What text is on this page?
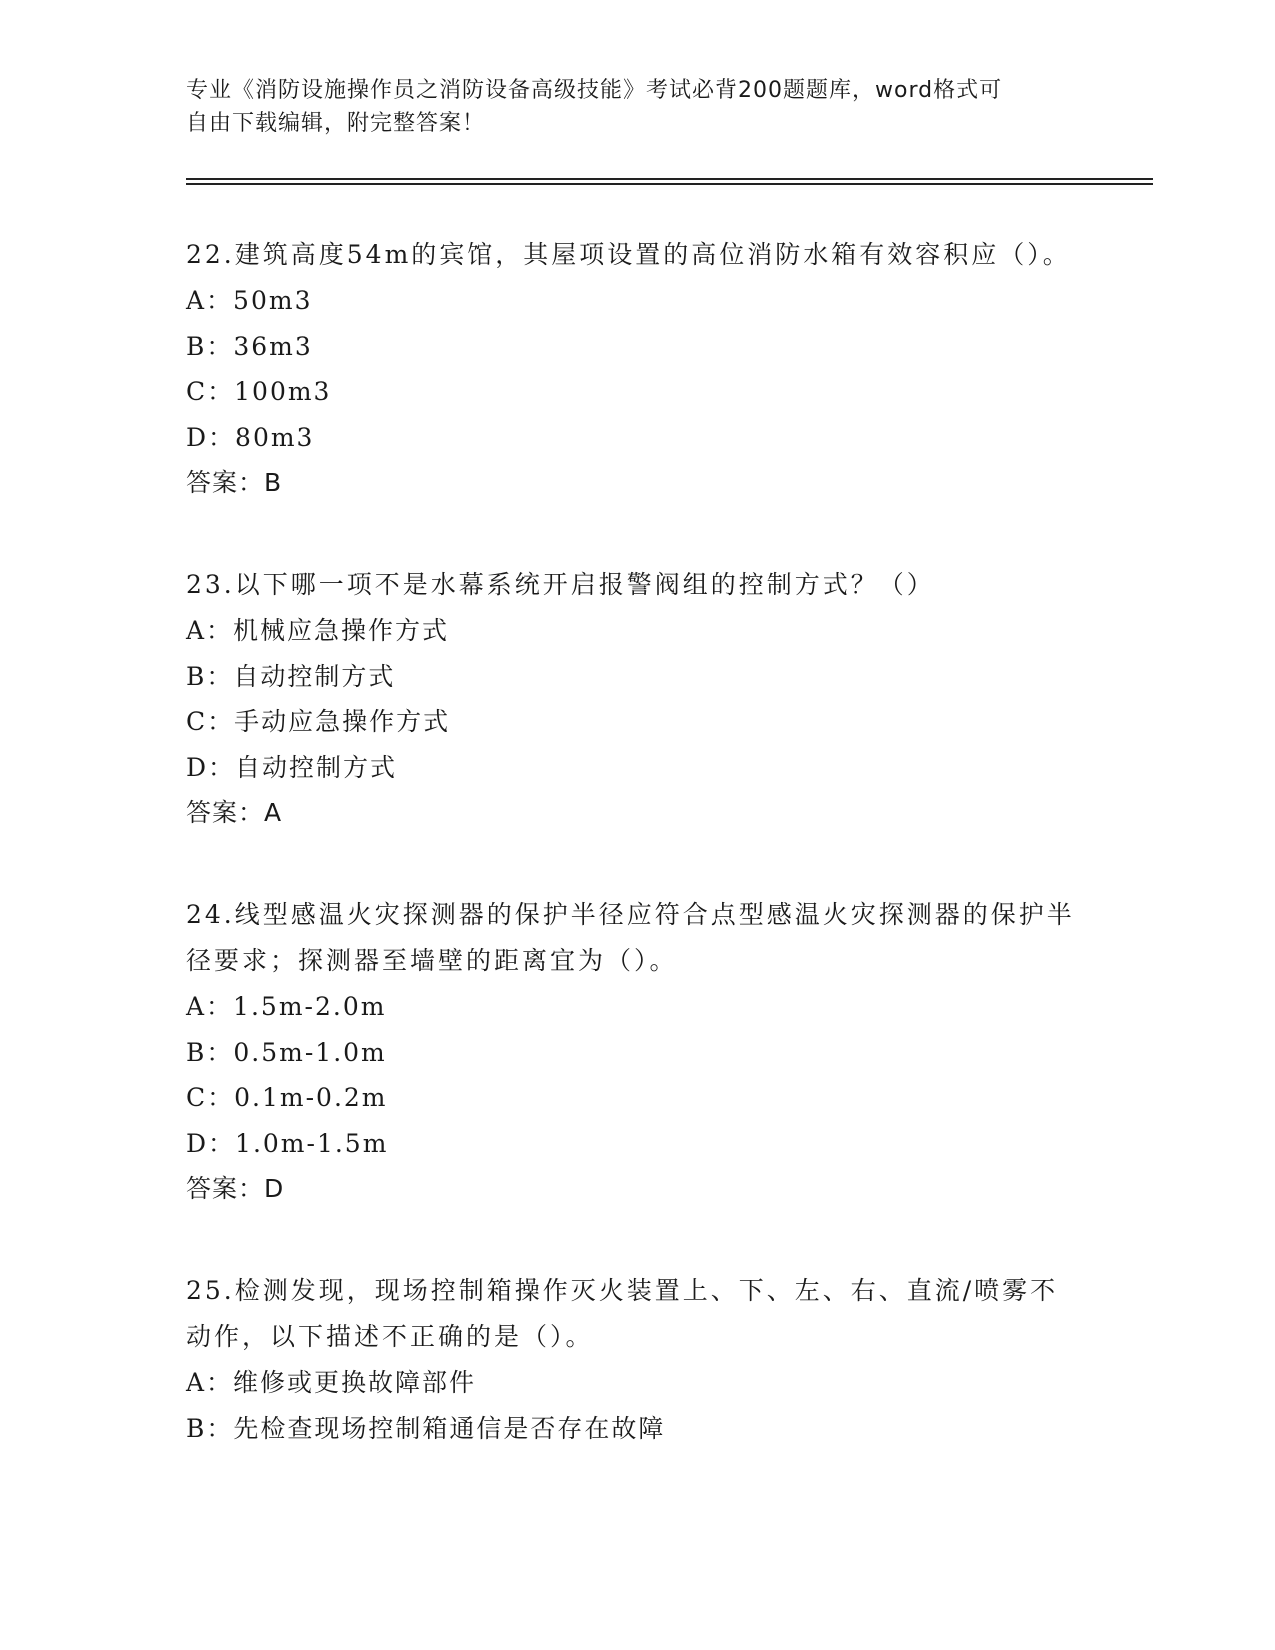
专业《消防设施操作员之消防设备高级技能》考试必背200题题库，word格式可
自由下载编辑，附完整答案！

22.建筑高度54m的宾馆，其屋项设置的高位消防水箱有效容积应（）。

A：50m3

B：36m3

C：100m3

D：80m3

答案：B

23.以下哪一项不是水幕系统开启报警阀组的控制方式？（）

A：机械应急操作方式

B：自动控制方式

C：手动应急操作方式

D：自动控制方式

答案：A

24.线型感温火灾探测器的保护半径应符合点型感温火灾探测器的保护半径要求；探测器至墙壁的距离宜为（）。

A：1.5m-2.0m

B：0.5m-1.0m

C：0.1m-0.2m

D：1.0m-1.5m

答案：D

25.检测发现，现场控制箱操作灭火装置上、下、左、右、直流/喷雾不动作，以下描述不正确的是（）。

A：维修或更换故障部件

B：先检查现场控制箱通信是否存在故障
